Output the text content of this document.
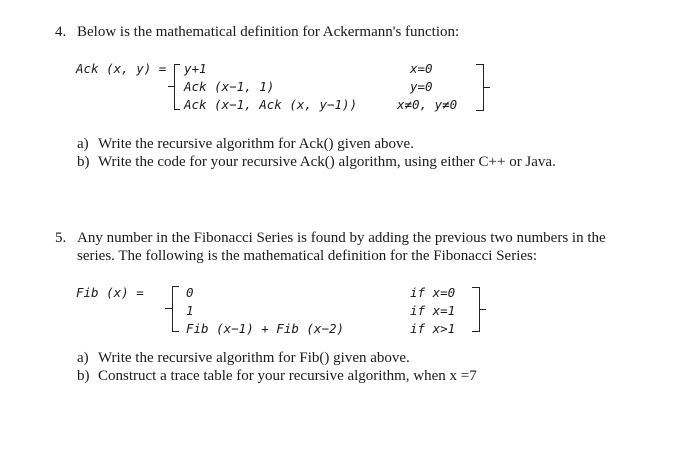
4. Below is the mathematical definition for Ackermann's function:
Ack (x, y) = y+1
Ack (x−1, 1)
Ack (x−1, Ack (x, y−1))
x=0
y=0
x≠0, y≠0
a) Write the recursive algorithm for Ack() given above.
b) Write the code for your recursive Ack() algorithm, using either C++ or Java.
5. Any number in the Fibonacci Series is found by adding the previous two numbers in the
series. The following is the mathematical definition for the Fibonacci Series:
Fib (x) =	0
1
Fib (x−1) + Fib (x−2)
if x=0
if x=1
if x>1
a) Write the recursive algorithm for Fib() given above.
b) Construct a trace table for your recursive algorithm, when x =7
